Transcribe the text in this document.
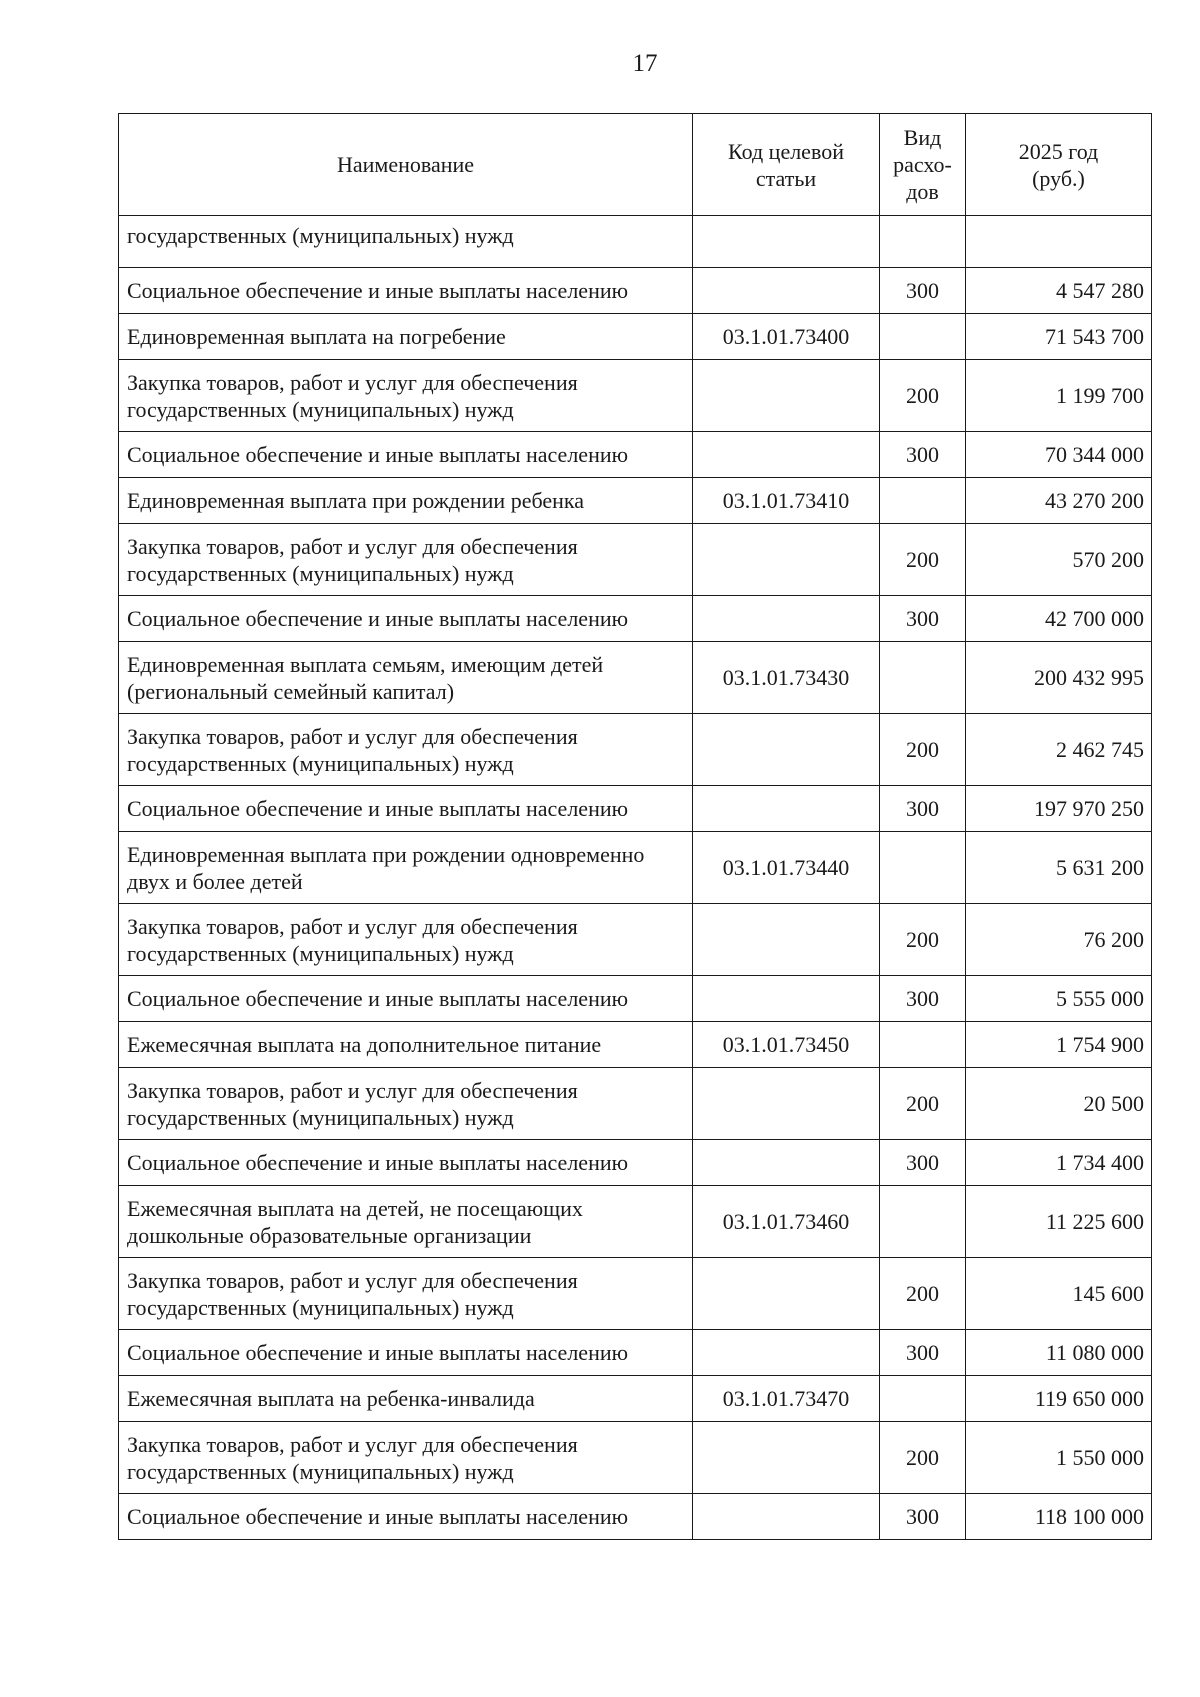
17
Наименование	Код целевой статьи	Вид расхо-дов	2025 год (руб.)
государственных (муниципальных) нужд			
Социальное обеспечение и иные выплаты населению		300	4 547 280
Единовременная выплата на погребение	03.1.01.73400		71 543 700
Закупка товаров, работ и услуг для обеспечения государственных (муниципальных) нужд		200	1 199 700
Социальное обеспечение и иные выплаты населению		300	70 344 000
Единовременная выплата при рождении ребенка	03.1.01.73410		43 270 200
Закупка товаров, работ и услуг для обеспечения государственных (муниципальных) нужд		200	570 200
Социальное обеспечение и иные выплаты населению		300	42 700 000
Единовременная выплата семьям, имеющим детей (региональный семейный капитал)	03.1.01.73430		200 432 995
Закупка товаров, работ и услуг для обеспечения государственных (муниципальных) нужд		200	2 462 745
Социальное обеспечение и иные выплаты населению		300	197 970 250
Единовременная выплата при рождении одновременно двух и более детей	03.1.01.73440		5 631 200
Закупка товаров, работ и услуг для обеспечения государственных (муниципальных) нужд		200	76 200
Социальное обеспечение и иные выплаты населению		300	5 555 000
Ежемесячная выплата на дополнительное питание	03.1.01.73450		1 754 900
Закупка товаров, работ и услуг для обеспечения государственных (муниципальных) нужд		200	20 500
Социальное обеспечение и иные выплаты населению		300	1 734 400
Ежемесячная выплата на детей, не посещающих дошкольные образовательные организации	03.1.01.73460		11 225 600
Закупка товаров, работ и услуг для обеспечения государственных (муниципальных) нужд		200	145 600
Социальное обеспечение и иные выплаты населению		300	11 080 000
Ежемесячная выплата на ребенка-инвалида	03.1.01.73470		119 650 000
Закупка товаров, работ и услуг для обеспечения государственных (муниципальных) нужд		200	1 550 000
Социальное обеспечение и иные выплаты населению		300	118 100 000
